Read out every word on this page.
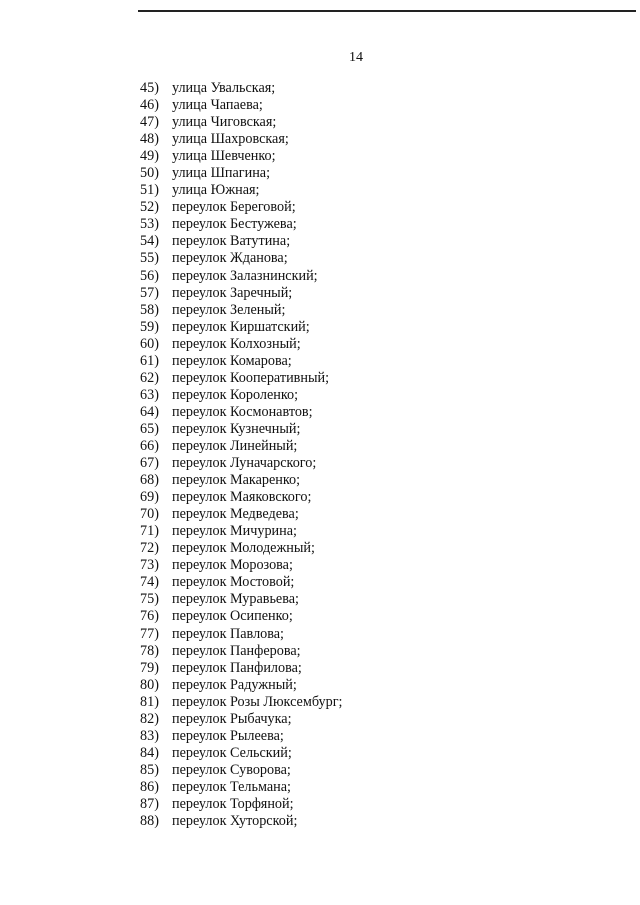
14
45) улица Увальская;
46) улица Чапаева;
47) улица Чиговская;
48) улица Шахровская;
49) улица Шевченко;
50) улица Шпагина;
51) улица Южная;
52) переулок Береговой;
53) переулок Бестужева;
54) переулок Ватутина;
55) переулок Жданова;
56) переулок Залазнинский;
57) переулок Заречный;
58) переулок Зеленый;
59) переулок Киршатский;
60) переулок Колхозный;
61) переулок Комарова;
62) переулок Кооперативный;
63) переулок Короленко;
64) переулок Космонавтов;
65) переулок Кузнечный;
66) переулок Линейный;
67) переулок Луначарского;
68) переулок Макаренко;
69) переулок Маяковского;
70) переулок Медведева;
71) переулок Мичурина;
72) переулок Молодежный;
73) переулок Морозова;
74) переулок Мостовой;
75) переулок Муравьева;
76) переулок Осипенко;
77) переулок Павлова;
78) переулок Панферова;
79) переулок Панфилова;
80) переулок Радужный;
81) переулок Розы Люксембург;
82) переулок Рыбачука;
83) переулок Рылеева;
84) переулок Сельский;
85) переулок Суворова;
86) переулок Тельмана;
87) переулок Торфяной;
88) переулок Хуторской;
